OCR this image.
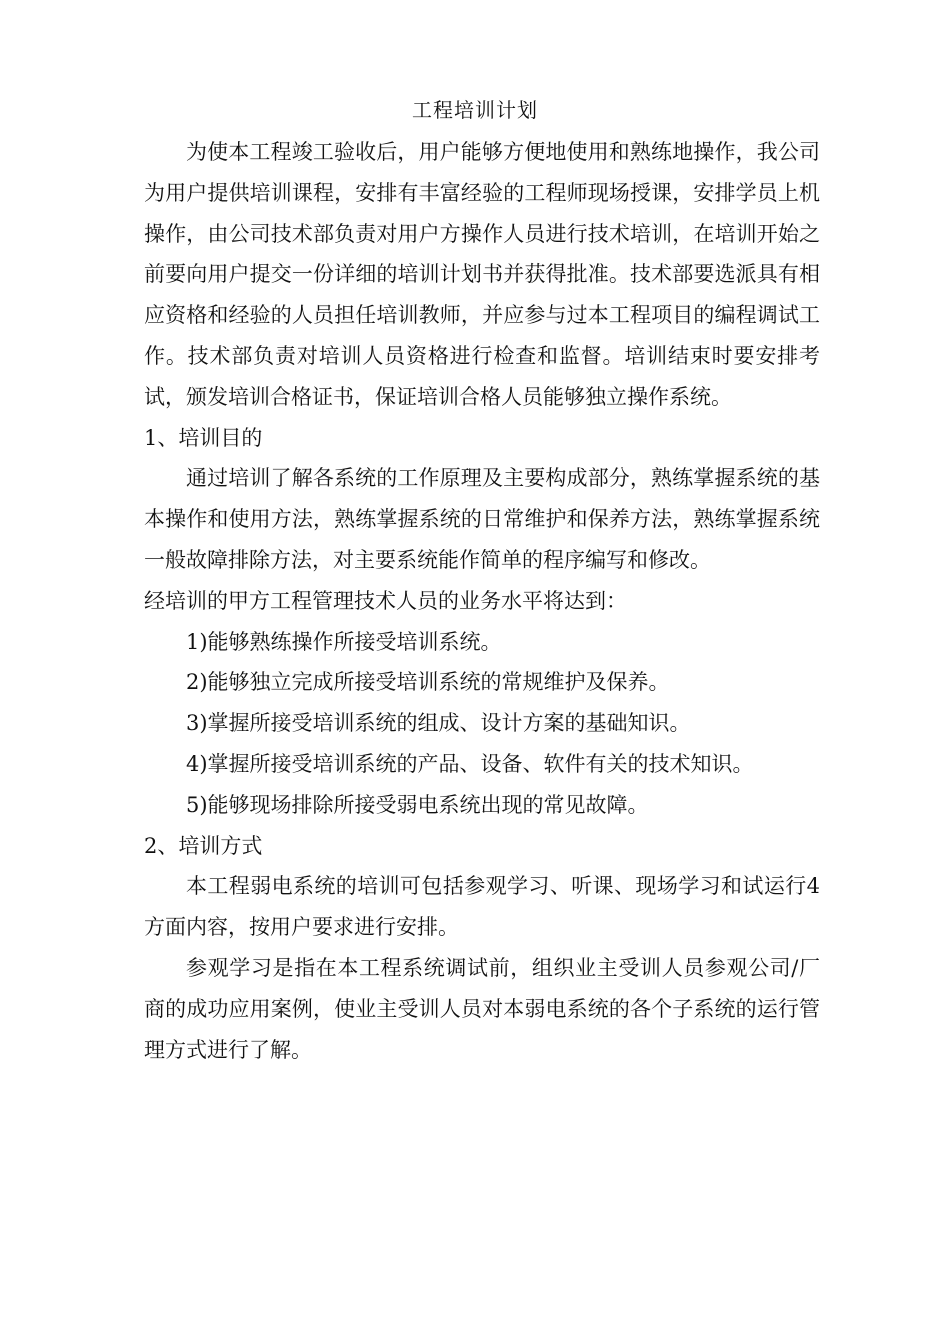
工程培训计划

为使本工程竣工验收后，用户能够方便地使用和熟练地操作，我公司为用户提供培训课程，安排有丰富经验的工程师现场授课，安排学员上机操作，由公司技术部负责对用户方操作人员进行技术培训，在培训开始之前要向用户提交一份详细的培训计划书并获得批准。技术部要选派具有相应资格和经验的人员担任培训教师，并应参与过本工程项目的编程调试工作。技术部负责对培训人员资格进行检查和监督。培训结束时要安排考试，颁发培训合格证书，保证培训合格人员能够独立操作系统。

1、培训目的

通过培训了解各系统的工作原理及主要构成部分，熟练掌握系统的基本操作和使用方法，熟练掌握系统的日常维护和保养方法，熟练掌握系统一般故障排除方法，对主要系统能作简单的程序编写和修改。

经培训的甲方工程管理技术人员的业务水平将达到：

1)能够熟练操作所接受培训系统。

2)能够独立完成所接受培训系统的常规维护及保养。

3)掌握所接受培训系统的组成、设计方案的基础知识。

4)掌握所接受培训系统的产品、设备、软件有关的技术知识。

5)能够现场排除所接受弱电系统出现的常见故障。

2、培训方式

本工程弱电系统的培训可包括参观学习、听课、现场学习和试运行4方面内容，按用户要求进行安排。

参观学习是指在本工程系统调试前，组织业主受训人员参观公司/厂商的成功应用案例，使业主受训人员对本弱电系统的各个子系统的运行管理方式进行了解。
